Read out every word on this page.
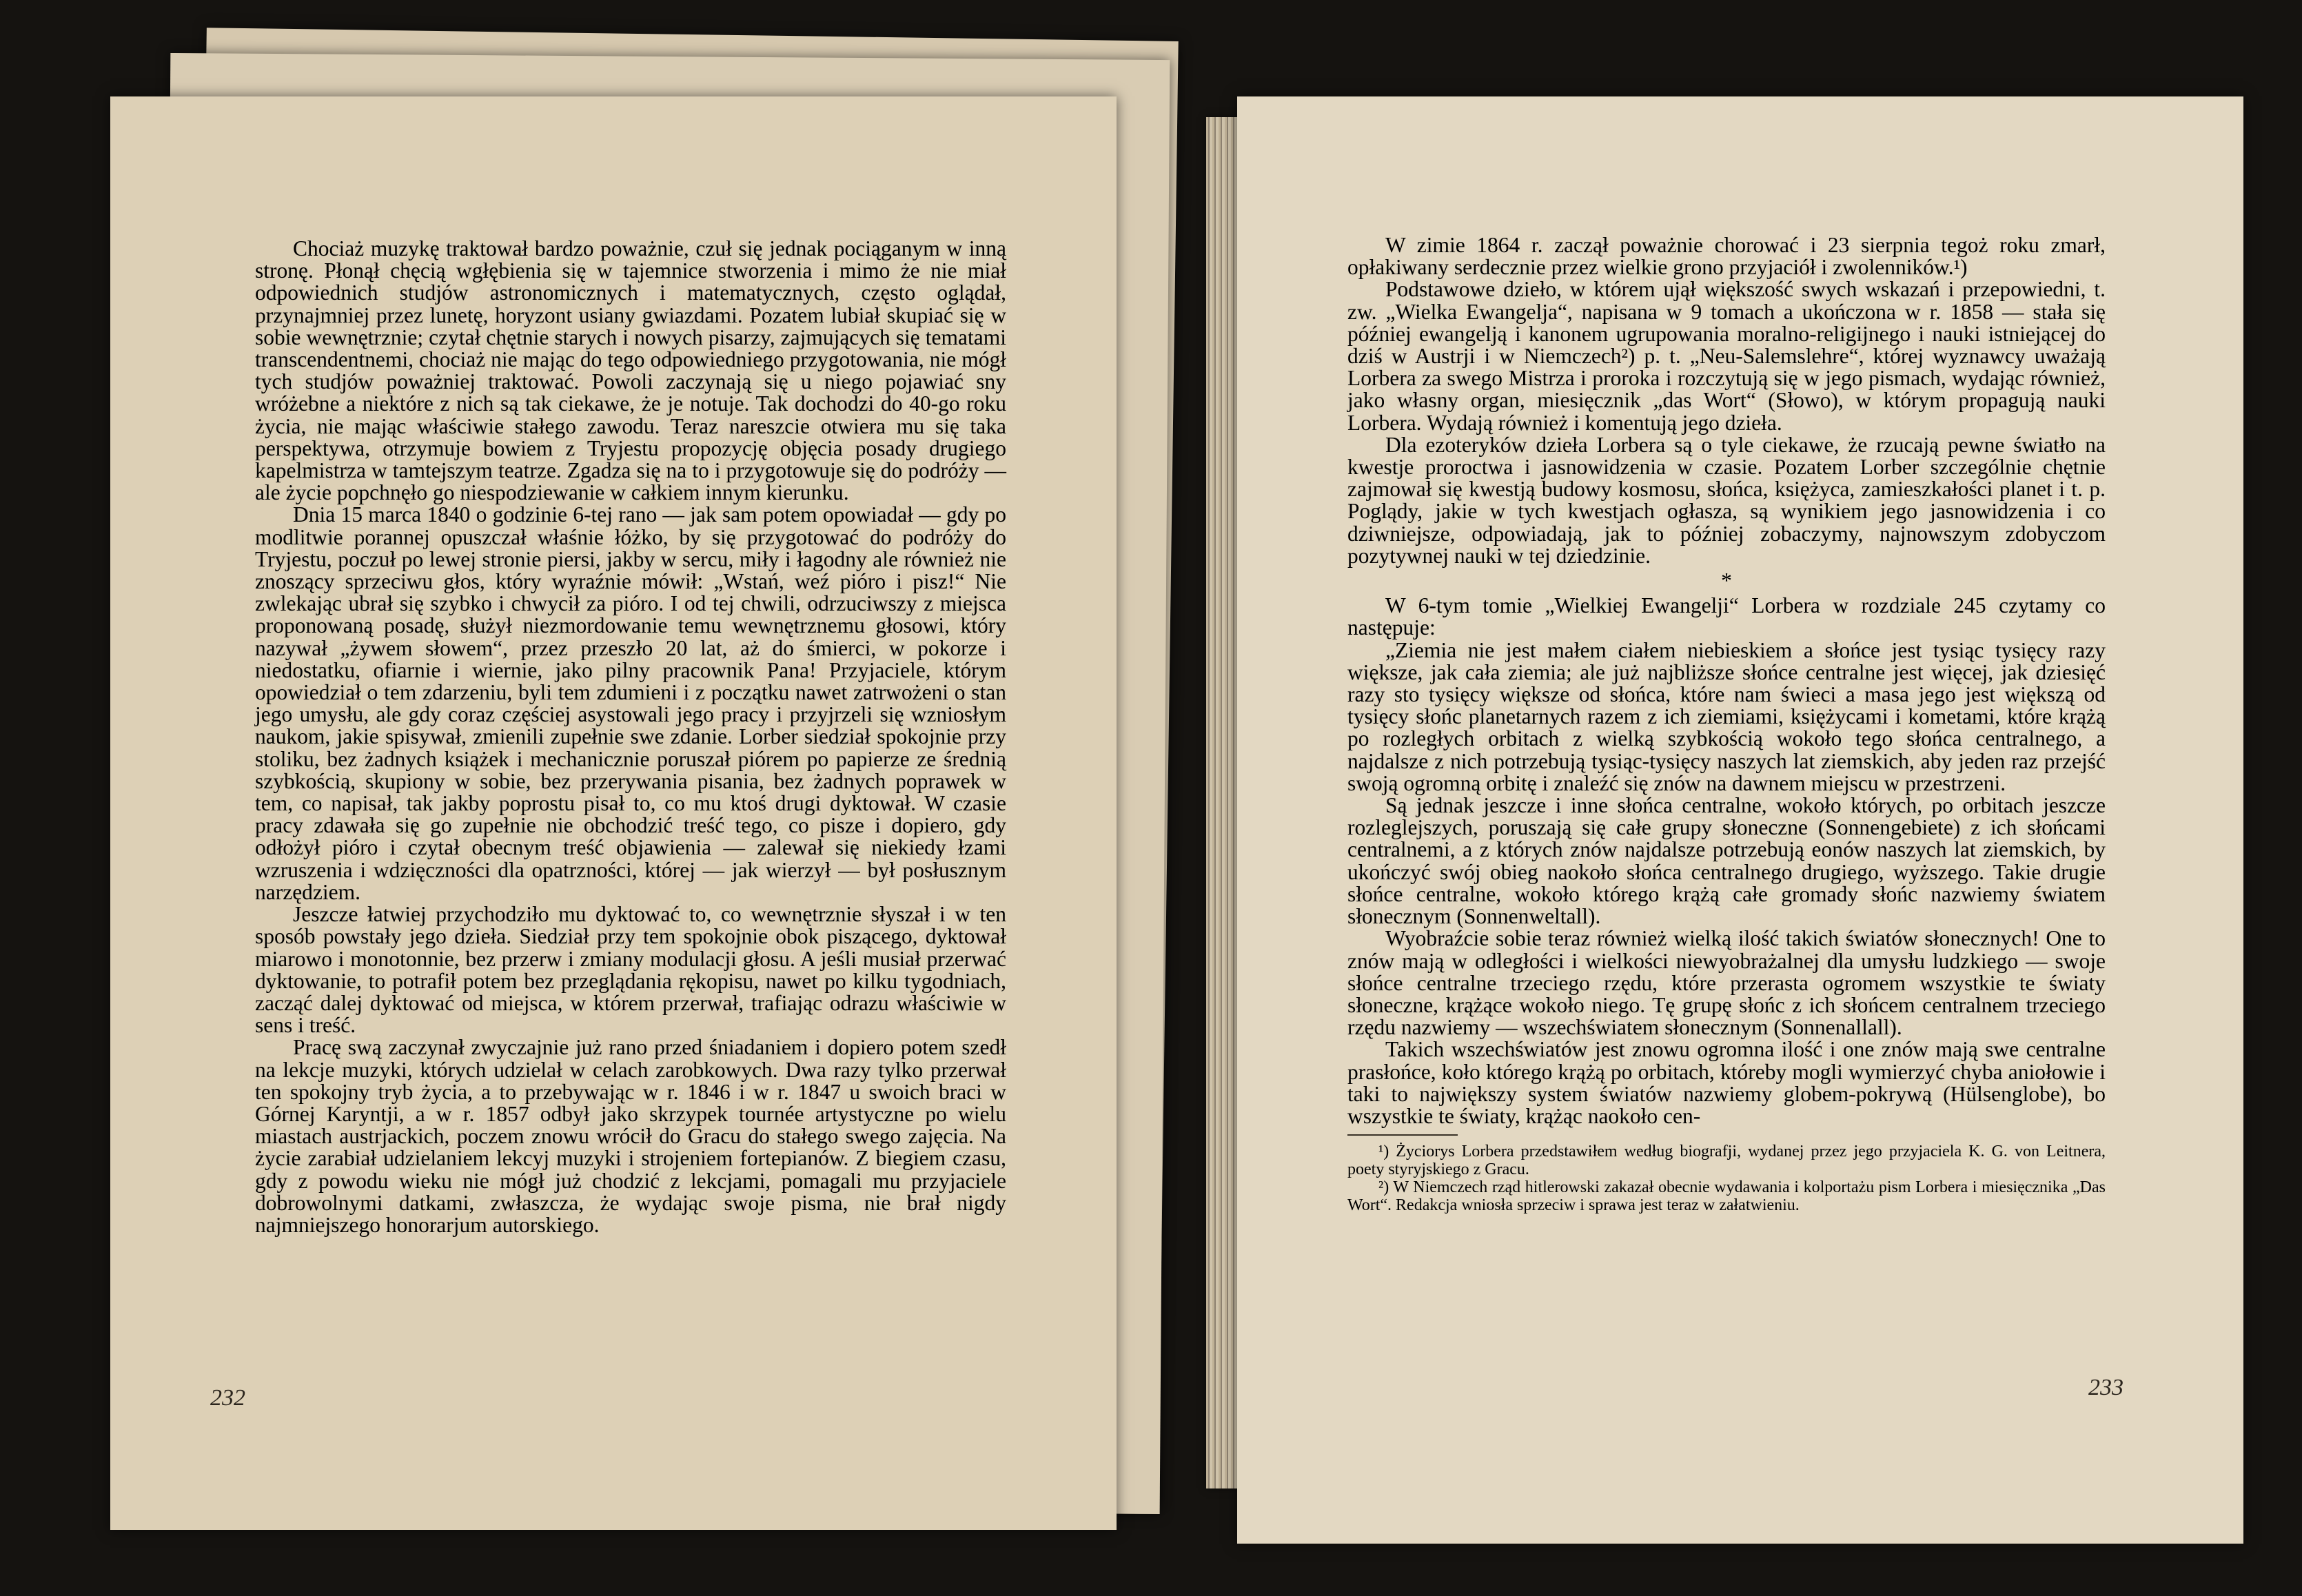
Chociaż muzykę traktował bardzo poważnie, czuł się jednak pociąganym w inną stronę. Płonął chęcią wgłębienia się w tajemnice stworzenia i mimo że nie miał odpowiednich studjów astronomicznych i matematycznych, często oglądał, przynajmniej przez lunetę, horyzont usiany gwiazdami. Pozatem lubiał skupiać się w sobie wewnętrznie; czytał chętnie starych i nowych pisarzy, zajmujących się tematami transcendentnemi, chociaż nie mając do tego odpowiedniego przygotowania, nie mógł tych studjów poważniej traktować. Powoli zaczynają się u niego pojawiać sny wróżebne a niektóre z nich są tak ciekawe, że je notuje. Tak dochodzi do 40-go roku życia, nie mając właściwie stałego zawodu. Teraz nareszcie otwiera mu się taka perspektywa, otrzymuje bowiem z Tryjestu propozycję objęcia posady drugiego kapelmistrza w tamtejszym teatrze. Zgadza się na to i przygotowuje się do podróży — ale życie popchnęło go niespodziewanie w całkiem innym kierunku.

Dnia 15 marca 1840 o godzinie 6-tej rano — jak sam potem opowiadał — gdy po modlitwie porannej opuszczał właśnie łóżko, by się przygotować do podróży do Tryjestu, poczuł po lewej stronie piersi, jakby w sercu, miły i łagodny ale również nie znoszący sprzeciwu głos, który wyraźnie mówił: „Wstań, weź pióro i pisz!“ Nie zwlekając ubrał się szybko i chwycił za pióro. I od tej chwili, odrzuciwszy z miejsca proponowaną posadę, służył niezmordowanie temu wewnętrznemu głosowi, który nazywał „żywem słowem“, przez przeszło 20 lat, aż do śmierci, w pokorze i niedostatku, ofiarnie i wiernie, jako pilny pracownik Pana! Przyjaciele, którym opowiedział o tem zdarzeniu, byli tem zdumieni i z początku nawet zatrwożeni o stan jego umysłu, ale gdy coraz częściej asystowali jego pracy i przyjrzeli się wzniosłym naukom, jakie spisywał, zmienili zupełnie swe zdanie. Lorber siedział spokojnie przy stoliku, bez żadnych książek i mechanicznie poruszał piórem po papierze ze średnią szybkością, skupiony w sobie, bez przerywania pisania, bez żadnych poprawek w tem, co napisał, tak jakby poprostu pisał to, co mu ktoś drugi dyktował. W czasie pracy zdawała się go zupełnie nie obchodzić treść tego, co pisze i dopiero, gdy odłożył pióro i czytał obecnym treść objawienia — zalewał się niekiedy łzami wzruszenia i wdzięczności dla opatrzności, której — jak wierzył — był posłusznym narzędziem.

Jeszcze łatwiej przychodziło mu dyktować to, co wewnętrznie słyszał i w ten sposób powstały jego dzieła. Siedział przy tem spokojnie obok piszącego, dyktował miarowo i monotonnie, bez przerw i zmiany modulacji głosu. A jeśli musiał przerwać dyktowanie, to potrafił potem bez przeglądania rękopisu, nawet po kilku tygodniach, zacząć dalej dyktować od miejsca, w którem przerwał, trafiając odrazu właściwie w sens i treść.

Pracę swą zaczynał zwyczajnie już rano przed śniadaniem i dopiero potem szedł na lekcje muzyki, których udzielał w celach zarobkowych. Dwa razy tylko przerwał ten spokojny tryb życia, a to przebywając w r. 1846 i w r. 1847 u swoich braci w Górnej Karyntji, a w r. 1857 odbył jako skrzypek tournée artystyczne po wielu miastach austrjackich, poczem znowu wrócił do Gracu do stałego swego zajęcia. Na życie zarabiał udzielaniem lekcyj muzyki i strojeniem fortepianów. Z biegiem czasu, gdy z powodu wieku nie mógł już chodzić z lekcjami, pomagali mu przyjaciele dobrowolnymi datkami, zwłaszcza, że wydając swoje pisma, nie brał nigdy najmniejszego honorarjum autorskiego.

232

W zimie 1864 r. zaczął poważnie chorować i 23 sierpnia tegoż roku zmarł, opłakiwany serdecznie przez wielkie grono przyjaciół i zwolenników.¹)

Podstawowe dzieło, w którem ujął większość swych wskazań i przepowiedni, t. zw. „Wielka Ewangelja“, napisana w 9 tomach a ukończona w r. 1858 — stała się później ewangelją i kanonem ugrupowania moralno-religijnego i nauki istniejącej do dziś w Austrji i w Niemczech²) p. t. „Neu-Salemslehre“, której wyznawcy uważają Lorbera za swego Mistrza i proroka i rozczytują się w jego pismach, wydając również, jako własny organ, miesięcznik „das Wort“ (Słowo), w którym propagują nauki Lorbera. Wydają również i komentują jego dzieła.

Dla ezoteryków dzieła Lorbera są o tyle ciekawe, że rzucają pewne światło na kwestje proroctwa i jasnowidzenia w czasie. Pozatem Lorber szczególnie chętnie zajmował się kwestją budowy kosmosu, słońca, księżyca, zamieszkałości planet i t. p. Poglądy, jakie w tych kwestjach ogłasza, są wynikiem jego jasnowidzenia i co dziwniejsze, odpowiadają, jak to później zobaczymy, najnowszym zdobyczom pozytywnej nauki w tej dziedzinie.

*

W 6-tym tomie „Wielkiej Ewangelji“ Lorbera w rozdziale 245 czytamy co następuje:

„Ziemia nie jest małem ciałem niebieskiem a słońce jest tysiąc tysięcy razy większe, jak cała ziemia; ale już najbliższe słońce centralne jest więcej, jak dziesięć razy sto tysięcy większe od słońca, które nam świeci a masa jego jest większą od tysięcy słońc planetarnych razem z ich ziemiami, księżycami i kometami, które krążą po rozległych orbitach z wielką szybkością wokoło tego słońca centralnego, a najdalsze z nich potrzebują tysiąc-tysięcy naszych lat ziemskich, aby jeden raz przejść swoją ogromną orbitę i znaleźć się znów na dawnem miejscu w przestrzeni.

Są jednak jeszcze i inne słońca centralne, wokoło których, po orbitach jeszcze rozleglejszych, poruszają się całe grupy słoneczne (Sonnengebiete) z ich słońcami centralnemi, a z których znów najdalsze potrzebują eonów naszych lat ziemskich, by ukończyć swój obieg naokoło słońca centralnego drugiego, wyższego. Takie drugie słońce centralne, wokoło którego krążą całe gromady słońc nazwiemy światem słonecznym (Sonnenweltall).

Wyobraźcie sobie teraz również wielką ilość takich światów słonecznych! One to znów mają w odległości i wielkości niewyobrażalnej dla umysłu ludzkiego — swoje słońce centralne trzeciego rzędu, które przerasta ogromem wszystkie te światy słoneczne, krążące wokoło niego. Tę grupę słońc z ich słońcem centralnem trzeciego rzędu nazwiemy — wszechświatem słonecznym (Sonnenallall).

Takich wszechświatów jest znowu ogromna ilość i one znów mają swe centralne prasłońce, koło którego krążą po orbitach, któreby mogli wymierzyć chyba aniołowie i taki to największy system światów nazwiemy globem-pokrywą (Hülsenglobe), bo wszystkie te światy, krążąc naokoło cen-

¹) Życiorys Lorbera przedstawiłem według biografji, wydanej przez jego przyjaciela K. G. von Leitnera, poety styryjskiego z Gracu.

²) W Niemczech rząd hitlerowski zakazał obecnie wydawania i kolportażu pism Lorbera i miesięcznika „Das Wort“. Redakcja wniosła sprzeciw i sprawa jest teraz w załatwieniu.

233
